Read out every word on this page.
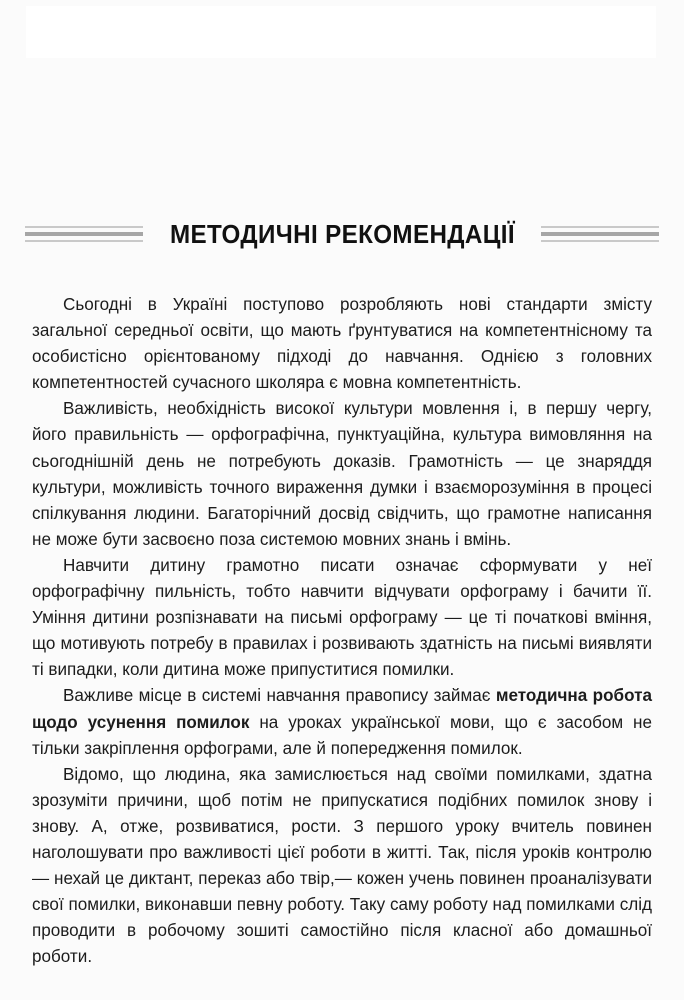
МЕТОДИЧНІ РЕКОМЕНДАЦІЇ

Сьогодні в Україні поступово розробляють нові стандарти змісту загальної середньої освіти, що мають ґрунтуватися на компетентнісному та особистісно орієнтованому підході до навчання. Однією з головних компетентностей сучасного школяра є мовна компетентність.

Важливість, необхідність високої культури мовлення і, в першу чергу, його правильність — орфографічна, пунктуаційна, культура вимовляння на сьогоднішній день не потребують доказів. Грамотність — це знаряддя культури, можливість точного вираження думки і взаєморозуміння в процесі спілкування людини. Багаторічний досвід свідчить, що грамотне написання не може бути засвоєно поза системою мовних знань і вмінь.

Навчити дитину грамотно писати означає сформувати у неї орфографічну пильність, тобто навчити відчувати орфограму і бачити її. Уміння дитини розпізнавати на письмі орфограму — це ті початкові вміння, що мотивують потребу в правилах і розвивають здатність на письмі виявляти ті випадки, коли дитина може припуститися помилки.

Важливе місце в системі навчання правопису займає методична робота щодо усунення помилок на уроках української мови, що є засобом не тільки закріплення орфограми, але й попередження помилок.

Відомо, що людина, яка замислюється над своїми помилками, здатна зрозуміти причини, щоб потім не припускатися подібних помилок знову і знову. А, отже, розвиватися, рости. З першого уроку вчитель повинен наголошувати про важливості цієї роботи в житті. Так, після уроків контролю — нехай це диктант, переказ або твір,— кожен учень повинен проаналізувати свої помилки, виконавши певну роботу. Таку саму роботу над помилками слід проводити в робочому зошиті самостійно після класної або домашньої роботи.
